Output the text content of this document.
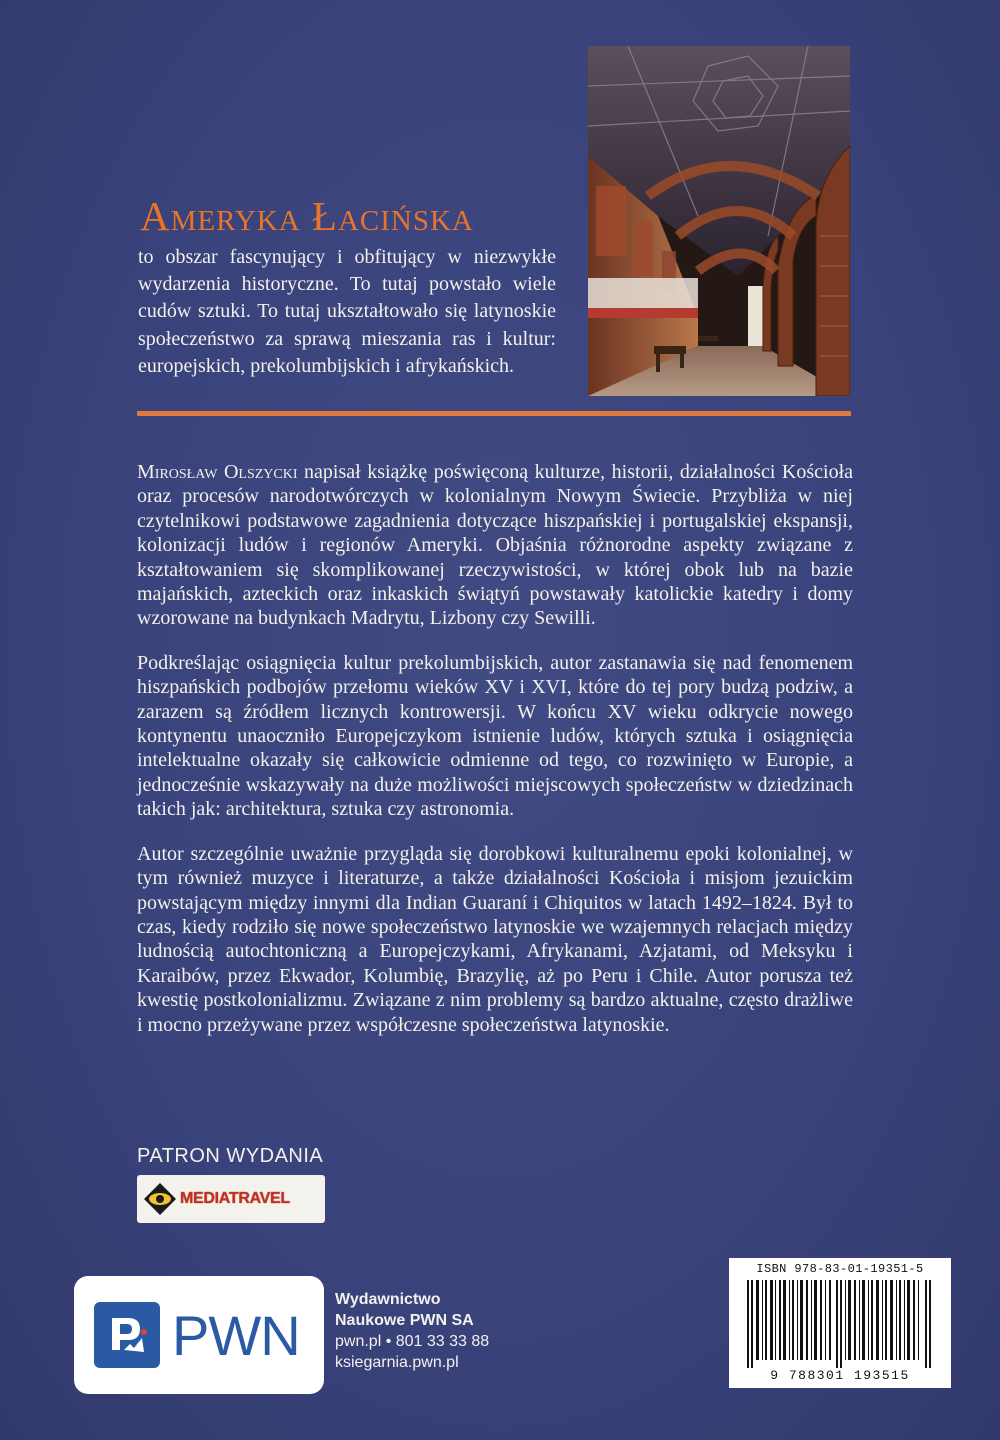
Ameryka Łacińska
to obszar fascynujący i obfitujący w niezwykłe wydarzenia historyczne. To tutaj powstało wiele cudów sztuki. To tutaj ukształtowało się latynoskie społeczeństwo za sprawą mieszania ras i kultur: europejskich, prekolumbijskich i afrykańskich.

Mirosław Olszycki napisał książkę poświęconą kulturze, historii, działalności Kościoła oraz procesów narodotwórczych w kolonialnym Nowym Świecie. Przybliża w niej czytelnikowi podstawowe zagadnienia dotyczące hiszpańskiej i portugalskiej ekspansji, kolonizacji ludów i regionów Ameryki. Objaśnia różnorodne aspekty związane z kształtowaniem się skomplikowanej rzeczywistości, w której obok lub na bazie majańskich, azteckich oraz inkaskich świątyń powstawały katolickie katedry i domy wzorowane na budynkach Madrytu, Lizbony czy Sewilli.

Podkreślając osiągnięcia kultur prekolumbijskich, autor zastanawia się nad fenomenem hiszpańskich podbojów przełomu wieków XV i XVI, które do tej pory budzą podziw, a zarazem są źródłem licznych kontrowersji. W końcu XV wieku odkrycie nowego kontynentu unaoczniło Europejczykom istnienie ludów, których sztuka i osiągnięcia intelektualne okazały się całkowicie odmienne od tego, co rozwinięto w Europie, a jednocześnie wskazywały na duże możliwości miejscowych społeczeństw w dziedzinach takich jak: architektura, sztuka czy astronomia.

Autor szczególnie uważnie przygląda się dorobkowi kulturalnemu epoki kolonialnej, w tym również muzyce i literaturze, a także działalności Kościoła i misjom jezuickim powstającym między innymi dla Indian Guaraní i Chiquitos w latach 1492–1824. Był to czas, kiedy rodziło się nowe społeczeństwo latynoskie we wzajemnych relacjach między ludnością autochtoniczną a Europejczykami, Afrykanami, Azjatami, od Meksyku i Karaibów, przez Ekwador, Kolumbię, Brazylię, aż po Peru i Chile. Autor porusza też kwestię postkolonializmu. Związane z nim problemy są bardzo aktualne, często drażliwe i mocno przeżywane przez współczesne społeczeństwa latynoskie.

PATRON WYDANIA
MEDIATRAVEL
PWN
Wydawnictwo
Naukowe PWN SA
pwn.pl • 801 33 33 88
ksiegarnia.pwn.pl
ISBN 978-83-01-19351-5
9 788301 193515
